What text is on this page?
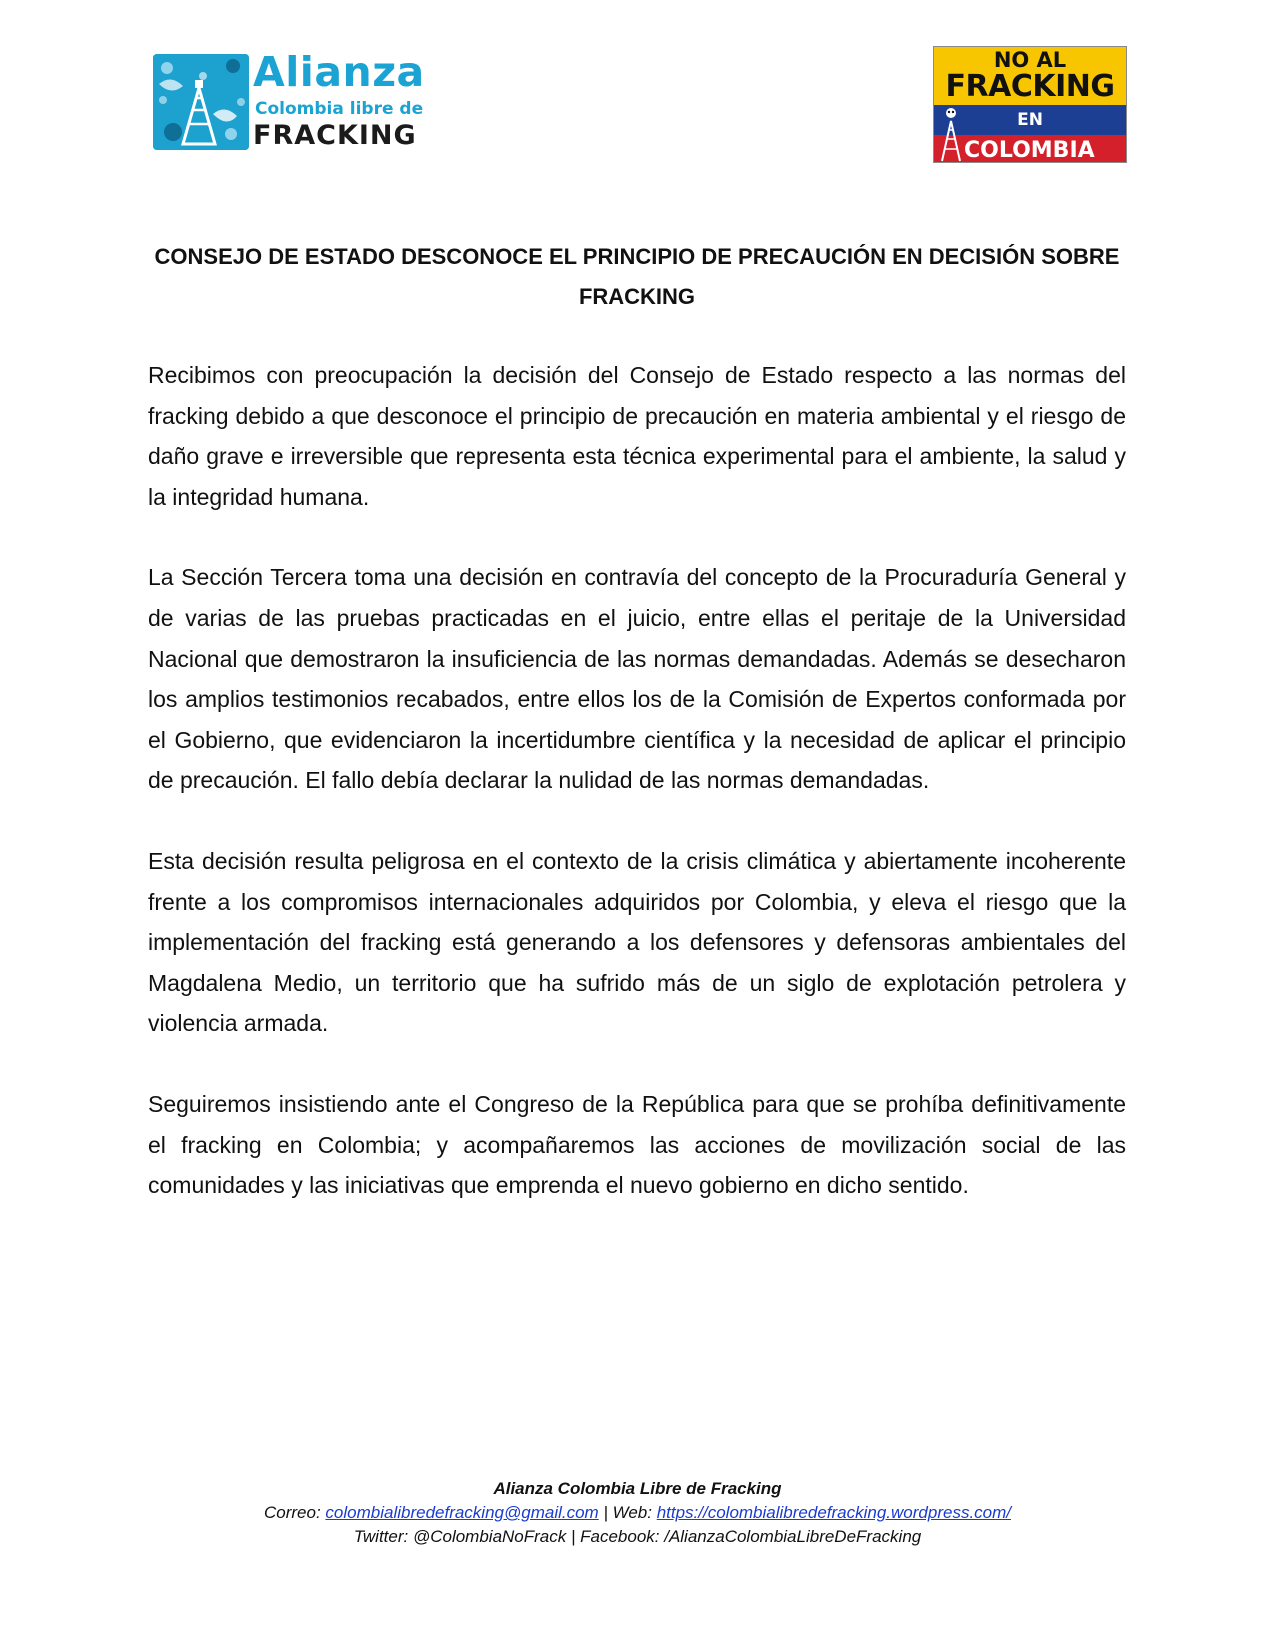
Alianza
Colombia libre de
FRACKING
NO AL
FRACKING
EN
COLOMBIA
CONSEJO DE ESTADO DESCONOCE EL PRINCIPIO DE PRECAUCIÓN EN DECISIÓN SOBRE FRACKING

Recibimos con preocupación la decisión del Consejo de Estado respecto a las normas del fracking debido a que desconoce el principio de precaución en materia ambiental y el riesgo de daño grave e irreversible que representa esta técnica experimental para el ambiente, la salud y la integridad humana.

La Sección Tercera toma una decisión en contravía del concepto de la Procuraduría General y de varias de las pruebas practicadas en el juicio, entre ellas el peritaje de la Universidad Nacional que demostraron la insuficiencia de las normas demandadas. Además se desecharon los amplios testimonios recabados, entre ellos los de la Comisión de Expertos conformada por el Gobierno, que evidenciaron la incertidumbre científica y la necesidad de aplicar el principio de precaución. El fallo debía declarar la nulidad de las normas demandadas.

Esta decisión resulta peligrosa en el contexto de la crisis climática y abiertamente incoherente frente a los compromisos internacionales adquiridos por Colombia, y eleva el riesgo que la implementación del fracking está generando a los defensores y defensoras ambientales del Magdalena Medio, un territorio que ha sufrido más de un siglo de explotación petrolera y violencia armada.

Seguiremos insistiendo ante el Congreso de la República para que se prohíba definitivamente el fracking en Colombia; y acompañaremos las acciones de movilización social de las comunidades y las iniciativas que emprenda el nuevo gobierno en dicho sentido.

Alianza Colombia Libre de Fracking
Correo: colombialibredefracking@gmail.com | Web: https://colombialibredefracking.wordpress.com/
Twitter: @ColombiaNoFrack | Facebook: /AlianzaColombiaLibreDeFracking
